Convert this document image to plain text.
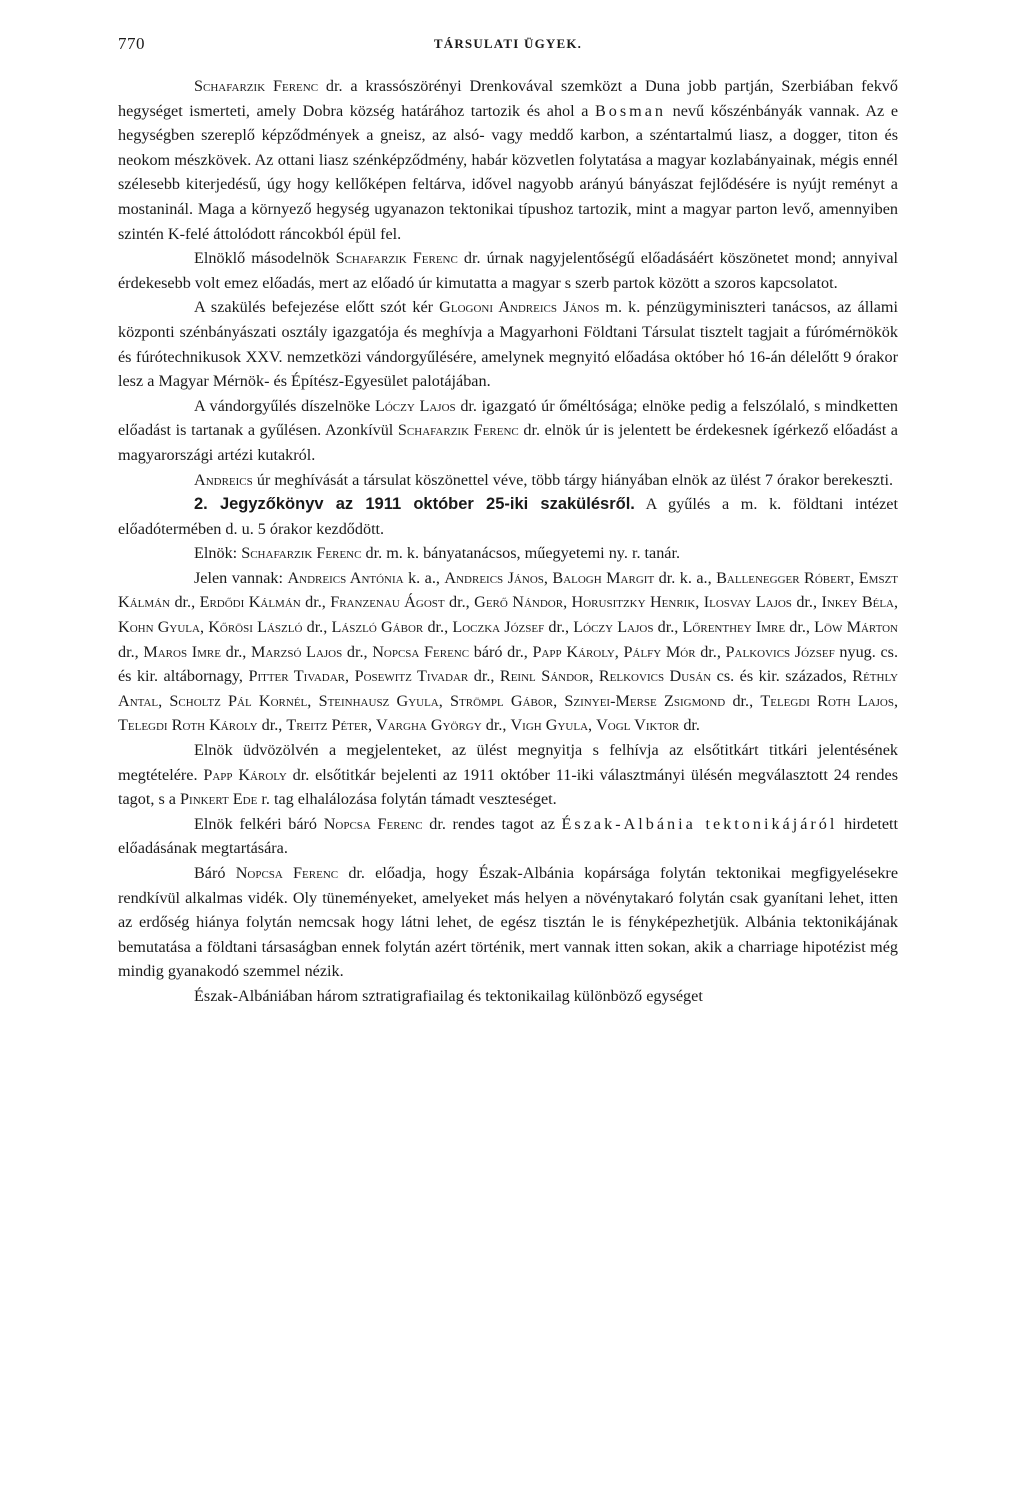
770	TÁRSULATI ÜGYEK.

Schafarzik Ferenc dr. a krassószörényi Drenkovával szemközt a Duna jobb partján, Szerbiában fekvő hegységet ismerteti, amely Dobra község határához tartozik és ahol a Bosman nevű kőszénbányák vannak. Az e hegységben szereplő képződmények a gneisz, az alsó- vagy meddő karbon, a széntartalmú liasz, a dogger, titon és neokom mészkövek. Az ottani liasz szénképződmény, habár közvetlen folytatása a magyar kozlabányainak, mégis ennél szélesebb kiterjedésű, úgy hogy kellőképen feltárva, idővel nagyobb arányú bányászat fejlődésére is nyújt reményt a mostaninál. Maga a környező hegység ugyanazon tektonikai típushoz tartozik, mint a magyar parton levő, amennyiben szintén K-felé áttolódott ráncokból épül fel.

Elnöklő másodelnök Schafarzik Ferenc dr. úrnak nagyjelentőségű előadásáért köszönetet mond; annyival érdekesebb volt emez előadás, mert az előadó úr kimutatta a magyar s szerb partok között a szoros kapcsolatot.

A szakülés befejezése előtt szót kér Glogoni Andreics János m. k. pénzügyminiszteri tanácsos, az állami központi szénbányászati osztály igazgatója és meghívja a Magyarhoni Földtani Társulat tisztelt tagjait a fúrómérnökök és fúrótechnikusok XXV. nemzetközi vándorgyűlésére, amelynek megnyitó előadása október hó 16-án délelőtt 9 órakor lesz a Magyar Mérnök- és Építész-Egyesület palotájában.

A vándorgyűlés díszelnöke Lóczy Lajos dr. igazgató úr őméltósága; elnöke pedig a felszólaló, s mindketten előadást is tartanak a gyűlésen. Azonkívül Schafarzik Ferenc dr. elnök úr is jelentett be érdekesnek ígérkező előadást a magyarországi artézi kutakról.

Andreics úr meghívását a társulat köszönettel véve, több tárgy hiányában elnök az ülést 7 órakor berekeszti.

2. Jegyzőkönyv az 1911 október 25-iki szakülésről. A gyűlés a m. k. földtani intézet előadótermében d. u. 5 órakor kezdődött.

Elnök: Schafarzik Ferenc dr. m. k. bányatanácsos, műegyetemi ny. r. tanár.

Jelen vannak: Andreics Antónia k. a., Andreics János, Balogh Margit dr. k. a., Ballenegger Róbert, Emszt Kálmán dr., Erdődi Kálmán dr., Franzenau Ágost dr., Gerő Nándor, Horusitzky Henrik, Ilosvay Lajos dr., Inkey Béla, Kohn Gyula, Kőrösi László dr., László Gábor dr., Loczka József dr., Lóczy Lajos dr., Lőrenthey Imre dr., Löw Márton dr., Maros Imre dr., Marzsó Lajos dr., Nopcsa Ferenc báró dr., Papp Károly, Pálfy Mór dr., Palkovics József nyug. cs. és kir. altábornagy, Pitter Tivadar, Posewitz Tivadar dr., Reinl Sándor, Relkovics Dusán cs. és kir. százados, Réthly Antal, Scholtz Pál Kornél, Steinhausz Gyula, Strömpl Gábor, Szinyei-Merse Zsigmond dr., Telegdi Roth Lajos, Telegdi Roth Károly dr., Treitz Péter, Vargha György dr., Vigh Gyula, Vogl Viktor dr.

Elnök üdvözölvén a megjelenteket, az ülést megnyitja s felhívja az elsőtitkárt titkári jelentésének megtételére. Papp Károly dr. elsőtitkár bejelenti az 1911 október 11-iki választmányi ülésén megválasztott 24 rendes tagot, s a Pinkert Ede r. tag elhalálozása folytán támadt veszteséget.

Elnök felkéri báró Nopcsa Ferenc dr. rendes tagot az Észak-Albánia tektonikájáról hirdetett előadásának megtartására.

Báró Nopcsa Ferenc dr. előadja, hogy Észak-Albánia kopársága folytán tektonikai megfigyelésekre rendkívül alkalmas vidék. Oly tüneményeket, amelyeket más helyen a növénytakaró folytán csak gyanítani lehet, itten az erdőség hiánya folytán nemcsak hogy látni lehet, de egész tisztán le is fényképezhetjük. Albánia tektonikájának bemutatása a földtani társaságban ennek folytán azért történik, mert vannak itten sokan, akik a charriage hipotézist még mindig gyanakodó szemmel nézik.

Észak-Albániában három sztratigrafiailag és tektonikailag különböző egységet
